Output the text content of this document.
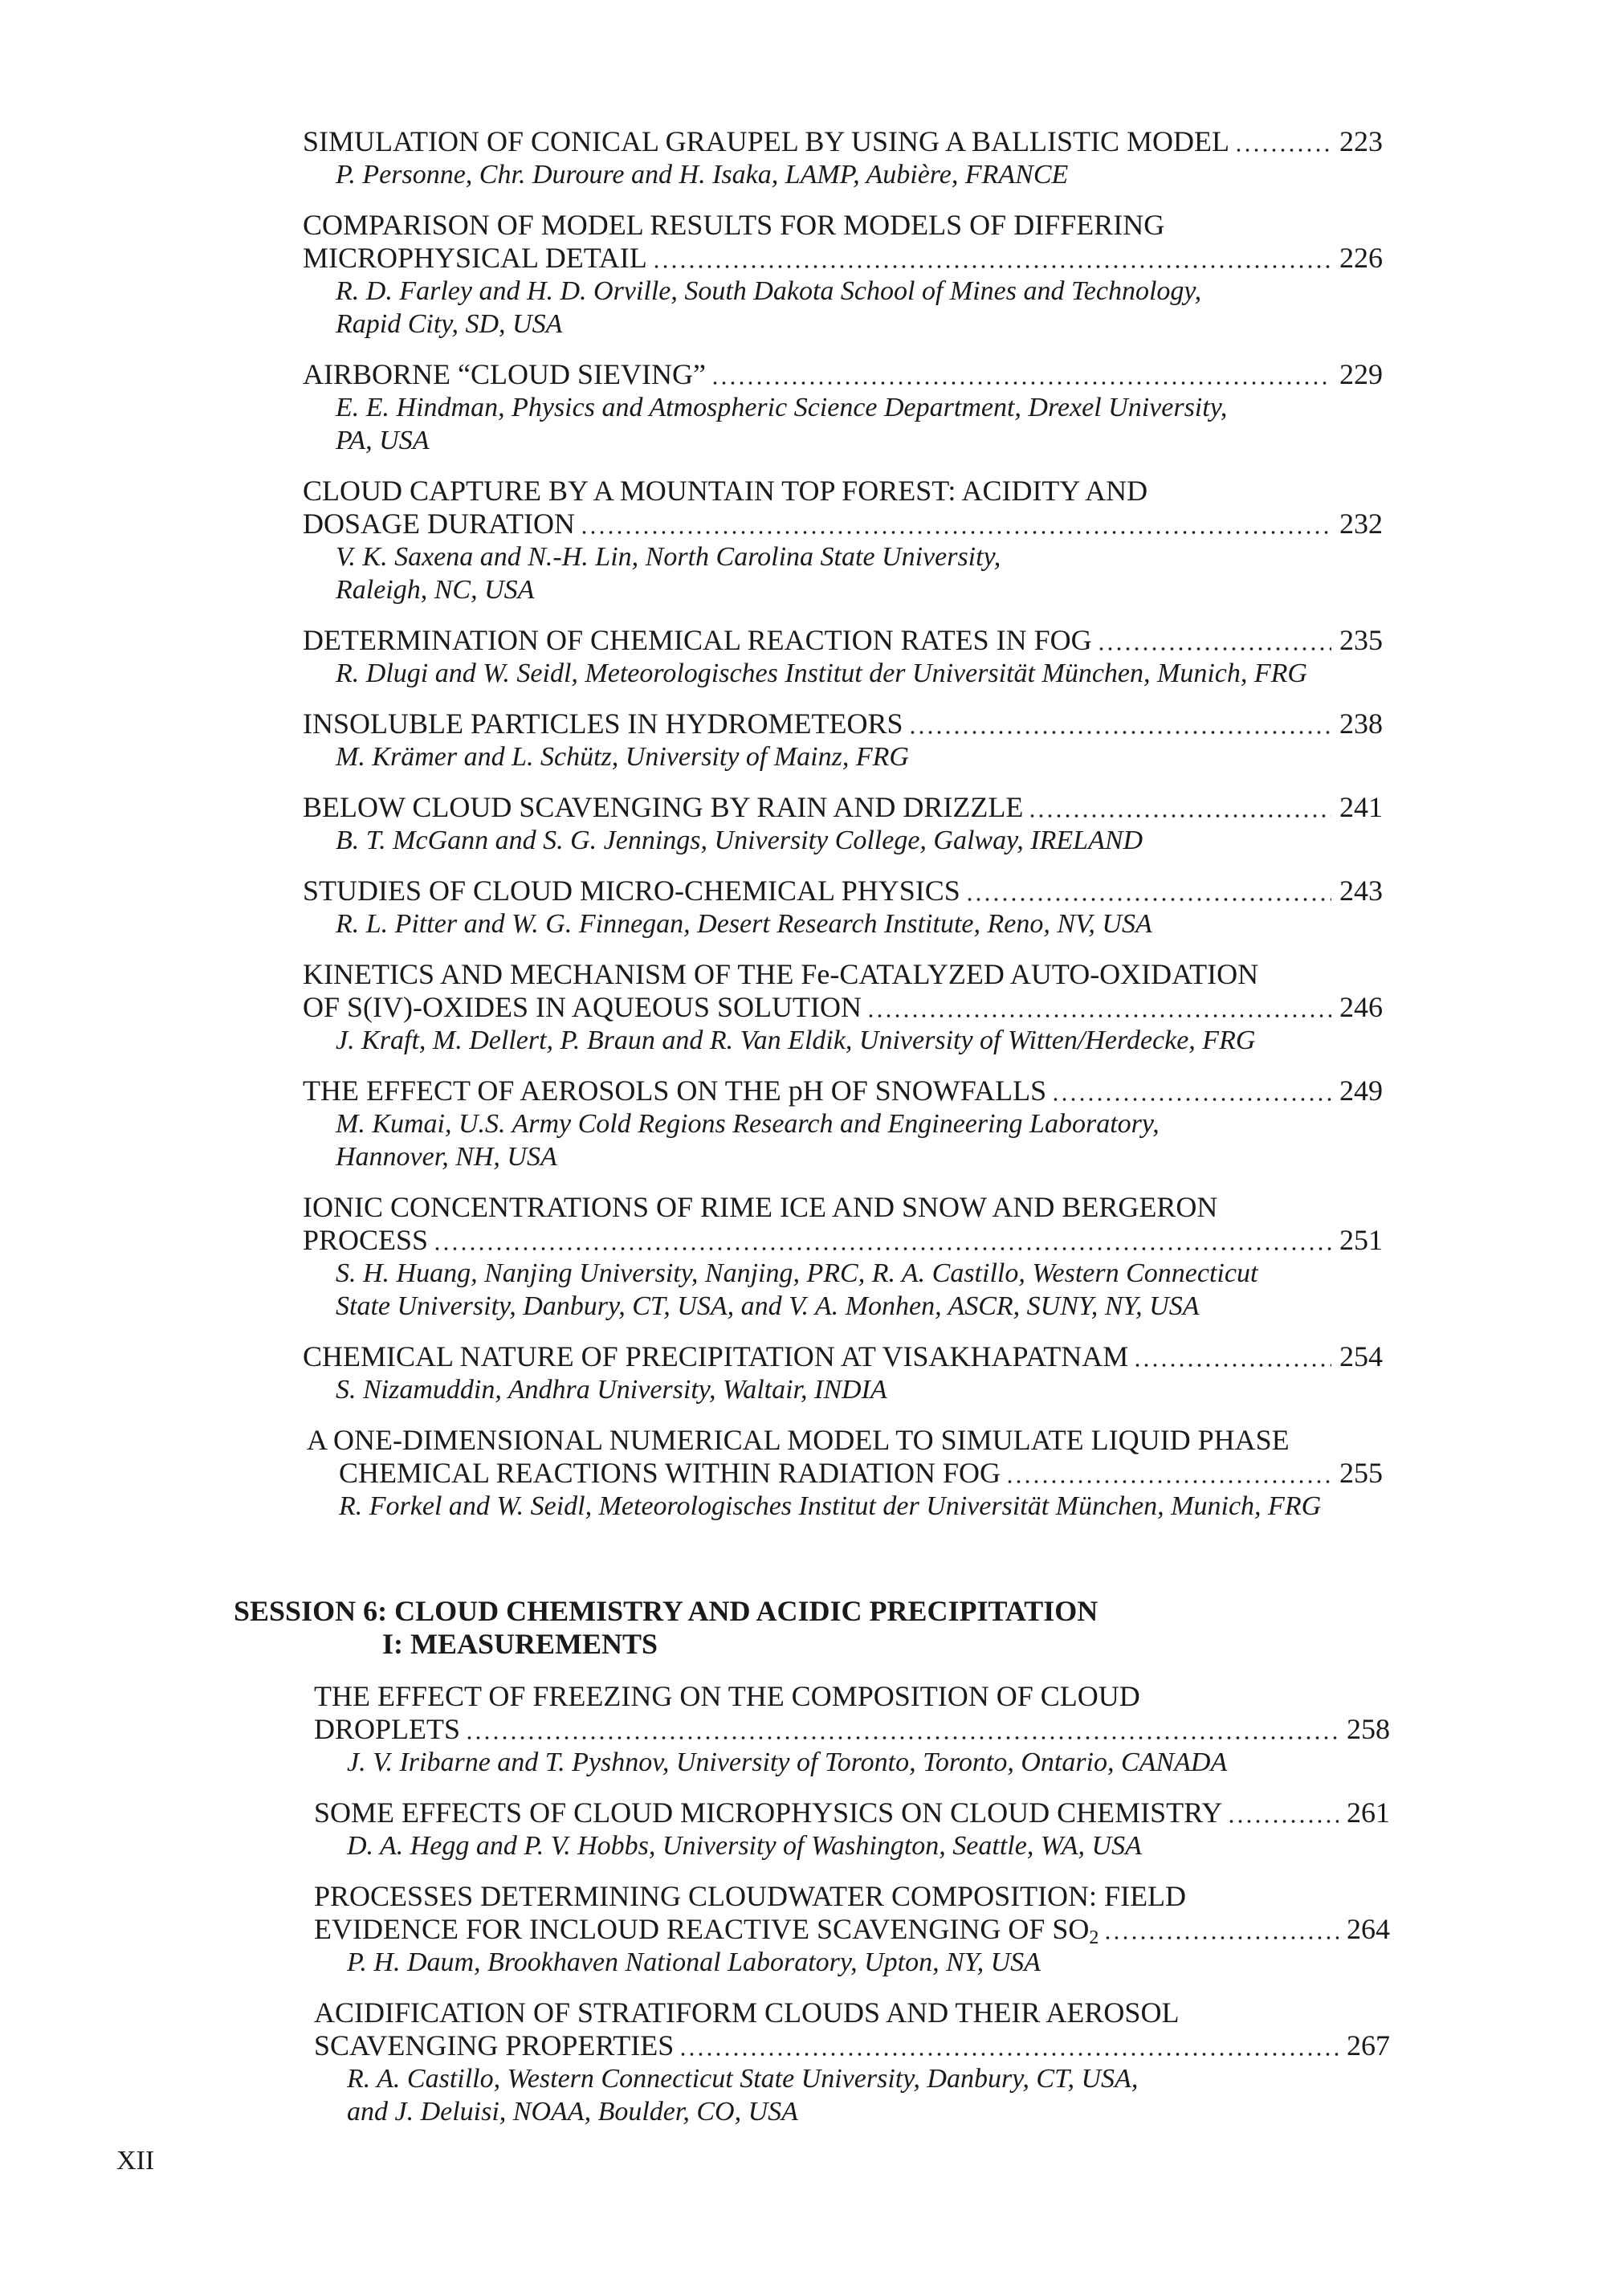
SIMULATION OF CONICAL GRAUPEL BY USING A BALLISTIC MODEL	223
P. Personne, Chr. Duroure and H. Isaka, LAMP, Aubière, FRANCE
COMPARISON OF MODEL RESULTS FOR MODELS OF DIFFERING
MICROPHYSICAL DETAIL	226
R. D. Farley and H. D. Orville, South Dakota School of Mines and Technology,
Rapid City, SD, USA
AIRBORNE “CLOUD SIEVING”	229
E. E. Hindman, Physics and Atmospheric Science Department, Drexel University,
PA, USA
CLOUD CAPTURE BY A MOUNTAIN TOP FOREST: ACIDITY AND
DOSAGE DURATION	232
V. K. Saxena and N.-H. Lin, North Carolina State University,
Raleigh, NC, USA
DETERMINATION OF CHEMICAL REACTION RATES IN FOG	235
R. Dlugi and W. Seidl, Meteorologisches Institut der Universität München, Munich, FRG
INSOLUBLE PARTICLES IN HYDROMETEORS	238
M. Krämer and L. Schütz, University of Mainz, FRG
BELOW CLOUD SCAVENGING BY RAIN AND DRIZZLE	241
B. T. McGann and S. G. Jennings, University College, Galway, IRELAND
STUDIES OF CLOUD MICRO-CHEMICAL PHYSICS	243
R. L. Pitter and W. G. Finnegan, Desert Research Institute, Reno, NV, USA
KINETICS AND MECHANISM OF THE Fe-CATALYZED AUTO-OXIDATION
OF S(IV)-OXIDES IN AQUEOUS SOLUTION	246
J. Kraft, M. Dellert, P. Braun and R. Van Eldik, University of Witten/Herdecke, FRG
THE EFFECT OF AEROSOLS ON THE pH OF SNOWFALLS	249
M. Kumai, U.S. Army Cold Regions Research and Engineering Laboratory,
Hannover, NH, USA
IONIC CONCENTRATIONS OF RIME ICE AND SNOW AND BERGERON
PROCESS	251
S. H. Huang, Nanjing University, Nanjing, PRC, R. A. Castillo, Western Connecticut
State University, Danbury, CT, USA, and V. A. Monhen, ASCR, SUNY, NY, USA
CHEMICAL NATURE OF PRECIPITATION AT VISAKHAPATNAM	254
S. Nizamuddin, Andhra University, Waltair, INDIA
A ONE-DIMENSIONAL NUMERICAL MODEL TO SIMULATE LIQUID PHASE
CHEMICAL REACTIONS WITHIN RADIATION FOG	255
R. Forkel and W. Seidl, Meteorologisches Institut der Universität München, Munich, FRG
SESSION 6: CLOUD CHEMISTRY AND ACIDIC PRECIPITATION
I: MEASUREMENTS
THE EFFECT OF FREEZING ON THE COMPOSITION OF CLOUD
DROPLETS	258
J. V. Iribarne and T. Pyshnov, University of Toronto, Toronto, Ontario, CANADA
SOME EFFECTS OF CLOUD MICROPHYSICS ON CLOUD CHEMISTRY	261
D. A. Hegg and P. V. Hobbs, University of Washington, Seattle, WA, USA
PROCESSES DETERMINING CLOUDWATER COMPOSITION: FIELD
EVIDENCE FOR INCLOUD REACTIVE SCAVENGING OF $SO_2$	264
P. H. Daum, Brookhaven National Laboratory, Upton, NY, USA
ACIDIFICATION OF STRATIFORM CLOUDS AND THEIR AEROSOL
SCAVENGING PROPERTIES	267
R. A. Castillo, Western Connecticut State University, Danbury, CT, USA,
and J. Deluisi, NOAA, Boulder, CO, USA
XII
